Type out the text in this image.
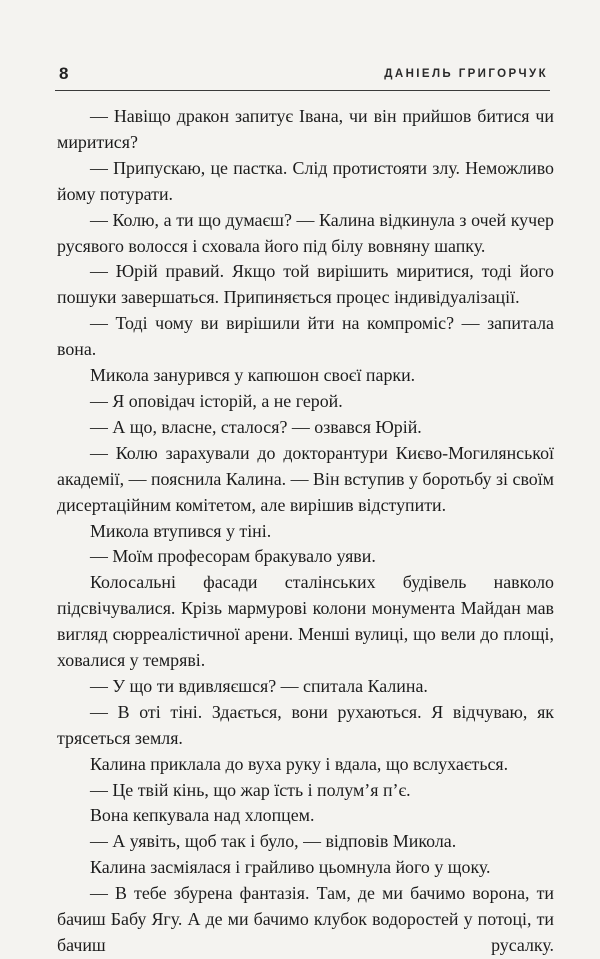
8	ДАНІЕЛЬ ГРИГОРЧУК

— Навіщо дракон запитує Івана, чи він прийшов битися чи миритися?

— Припускаю, це пастка. Слід протистояти злу. Неможливо йому потурати.

— Колю, а ти що думаєш? — Калина відкинула з очей кучер русявого волосся і сховала його під білу вовняну шапку.

— Юрій правий. Якщо той вирішить миритися, тоді його пошуки завершаться. Припиняється процес індивідуалізації.

— Тоді чому ви вирішили йти на компроміс? — запитала вона.

Микола занурився у капюшон своєї парки.

— Я оповідач історій, а не герой.

— А що, власне, сталося? — озвався Юрій.

— Колю зарахували до докторантури Києво-Могилянської академії, — пояснила Калина. — Він вступив у боротьбу зі своїм дисертаційним комітетом, але вирішив відступити.

Микола втупився у тіні.

— Моїм професорам бракувало уяви.

Колосальні фасади сталінських будівель навколо підсвічувалися. Крізь мармурові колони монумента Майдан мав вигляд сюрреалістичної арени. Менші вулиці, що вели до площі, ховалися у темряві.

— У що ти вдивляєшся? — спитала Калина.

— В оті тіні. Здається, вони рухаються. Я відчуваю, як трясеться земля.

Калина приклала до вуха руку і вдала, що вслухається.

— Це твій кінь, що жар їсть і полум’я п’є.

Вона кепкувала над хлопцем.

— А уявіть, щоб так і було, — відповів Микола.

Калина засміялася і грайливо цьомнула його у щоку.

— В тебе збурена фантазія. Там, де ми бачимо ворона, ти бачиш Бабу Ягу. А де ми бачимо клубок водоростей у потоці, ти бачиш русалку.
